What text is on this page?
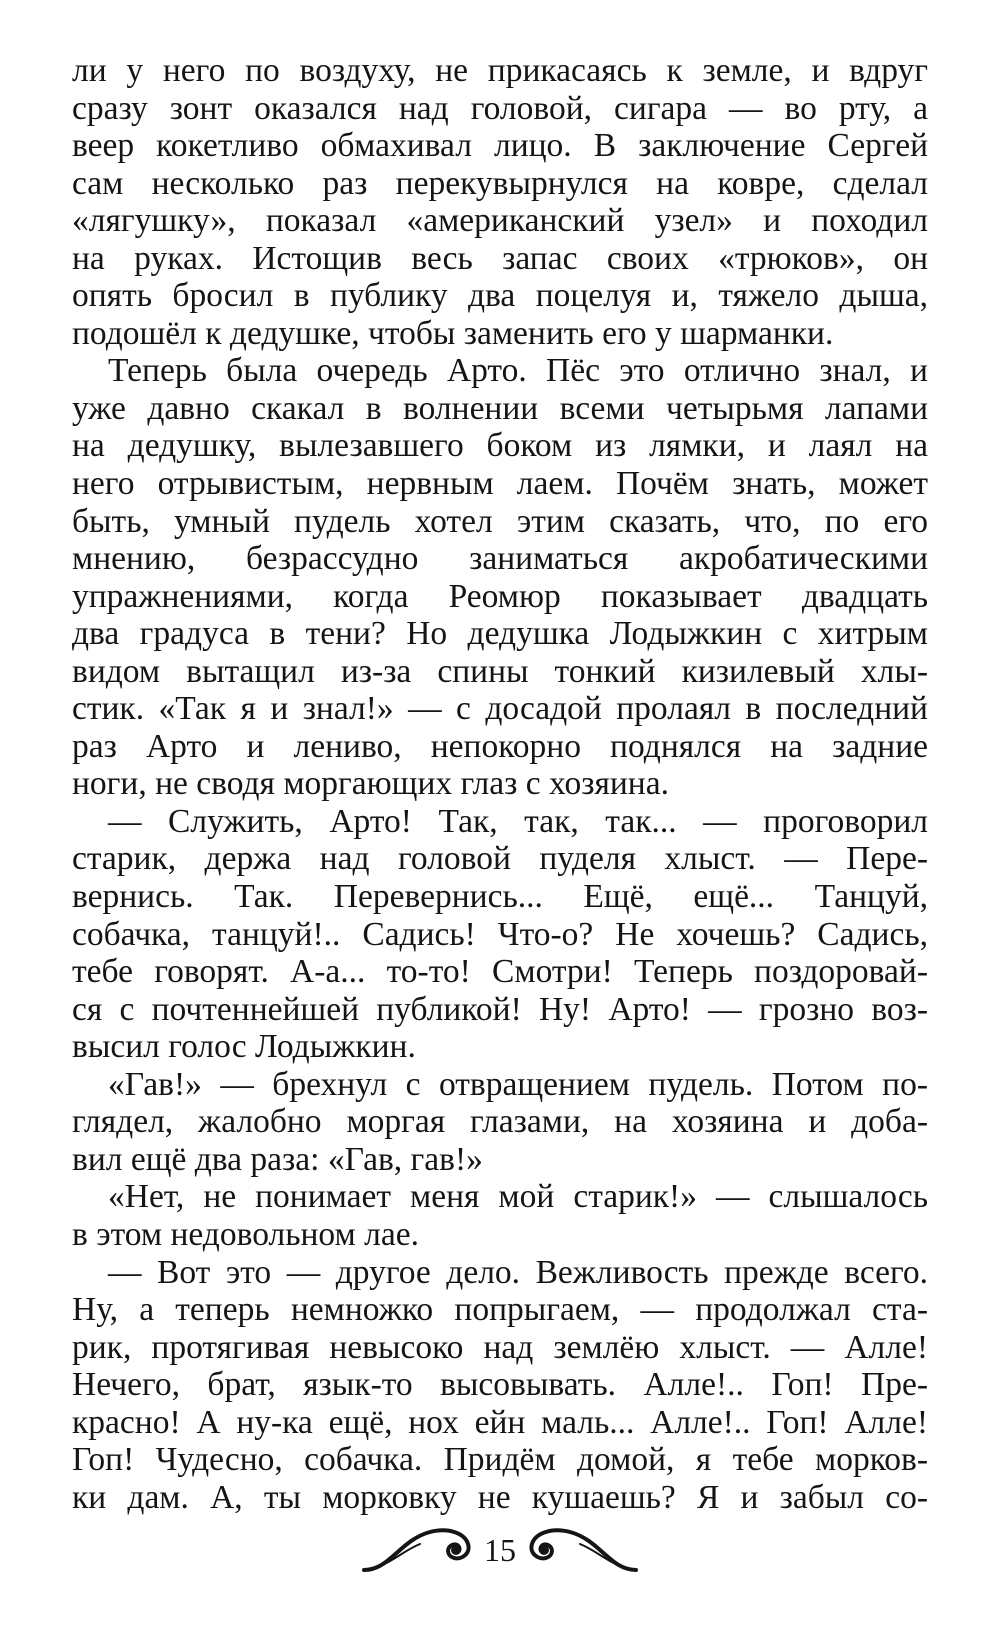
ли у него по воздуху, не прикасаясь к земле, и вдруг
сразу зонт оказался над головой, сигара — во рту, а
веер кокетливо обмахивал лицо. В заключение Сергей
сам несколько раз перекувырнулся на ковре, сделал
«лягушку», показал «американский узел» и походил
на руках. Истощив весь запас своих «трюков», он
опять бросил в публику два поцелуя и, тяжело дыша,
подошёл к дедушке, чтобы заменить его у шарманки.
Теперь была очередь Арто. Пёс это отлично знал, и
уже давно скакал в волнении всеми четырьмя лапами
на дедушку, вылезавшего боком из лямки, и лаял на
него отрывистым, нервным лаем. Почём знать, может
быть, умный пудель хотел этим сказать, что, по его
мнению, безрассудно заниматься акробатическими
упражнениями, когда Реомюр показывает двадцать
два градуса в тени? Но дедушка Лодыжкин с хитрым
видом вытащил из-за спины тонкий кизилевый хлы-
стик. «Так я и знал!» — с досадой пролаял в последний
раз Арто и лениво, непокорно поднялся на задние
ноги, не сводя моргающих глаз с хозяина.
— Служить, Арто! Так, так, так... — проговорил
старик, держа над головой пуделя хлыст. — Пере-
вернись. Так. Перевернись... Ещё, ещё... Танцуй,
собачка, танцуй!.. Садись! Что-о? Не хочешь? Садись,
тебе говорят. А-а... то-то! Смотри! Теперь поздоровай-
ся с почтеннейшей публикой! Ну! Арто! — грозно воз-
высил голос Лодыжкин.
«Гав!» — брехнул с отвращением пудель. Потом по-
глядел, жалобно моргая глазами, на хозяина и доба-
вил ещё два раза: «Гав, гав!»
«Нет, не понимает меня мой старик!» — слышалось
в этом недовольном лае.
— Вот это — другое дело. Вежливость прежде всего.
Ну, а теперь немножко попрыгаем, — продолжал ста-
рик, протягивая невысоко над землёю хлыст. — Алле!
Нечего, брат, язык-то высовывать. Алле!.. Гоп! Пре-
красно! А ну-ка ещё, нох ейн маль... Алле!.. Гоп! Алле!
Гоп! Чудесно, собачка. Придём домой, я тебе морков-
ки дам. А, ты морковку не кушаешь? Я и забыл со-
15
